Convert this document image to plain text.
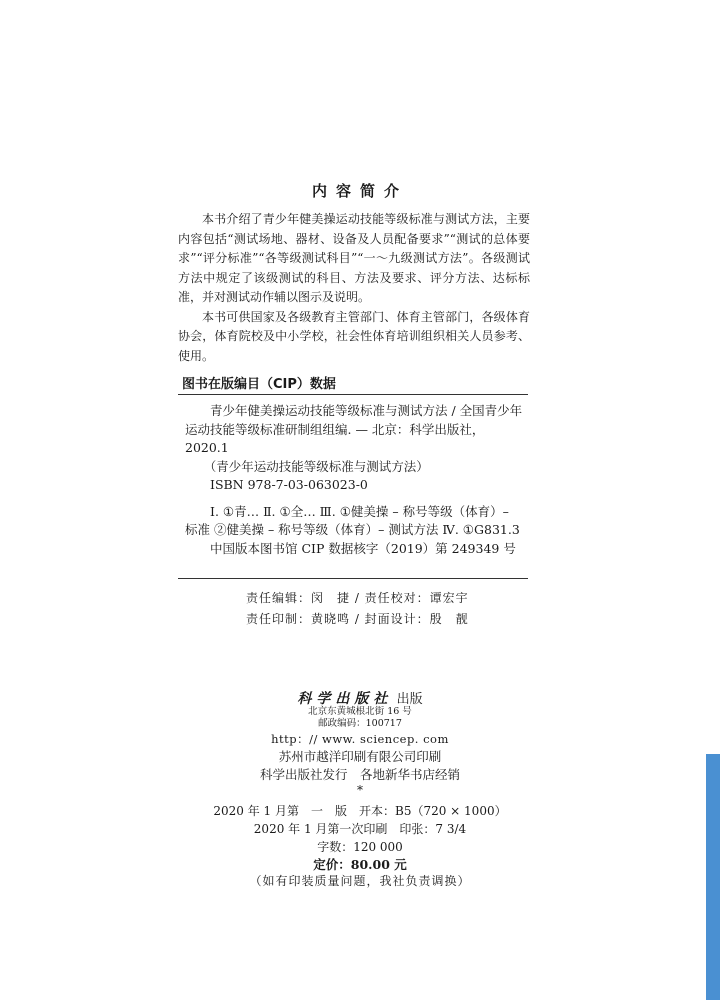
内容简介

本书介绍了青少年健美操运动技能等级标准与测试方法，主要内容包括“测试场地、器材、设备及人员配备要求”“测试的总体要求”“评分标准”“各等级测试科目”“一～九级测试方法”。各级测试方法中规定了该级测试的科目、方法及要求、评分方法、达标标准，并对测试动作辅以图示及说明。

本书可供国家及各级教育主管部门、体育主管部门，各级体育协会，体育院校及中小学校，社会性体育培训组织相关人员参考、使用。

图书在版编目（CIP）数据

青少年健美操运动技能等级标准与测试方法 / 全国青少年运动技能等级标准研制组组编. — 北京：科学出版社，2020.1

（青少年运动技能等级标准与测试方法）

ISBN 978-7-03-063023-0

Ⅰ. ①青… Ⅱ. ①全… Ⅲ. ①健美操 – 称号等级（体育）– 标准 ②健美操 – 称号等级（体育）– 测试方法 Ⅳ. ①G831.3

中国版本图书馆 CIP 数据核字（2019）第 249349 号

责任编辑：闵　捷 / 责任校对：谭宏宇
责任印制：黄晓鸣 / 封面设计：殷　靓
科学出版社 出版
北京东黄城根北街 16 号
邮政编码：100717
http：// www. sciencep. com
苏州市越洋印刷有限公司印刷
科学出版社发行　各地新华书店经销
*
2020 年 1 月第　一　版　开本：B5（720 × 1000）
2020 年 1 月第一次印刷　印张：7 3/4
字数：120 000
定价：80.00 元
（如有印装质量问题，我社负责调换）
